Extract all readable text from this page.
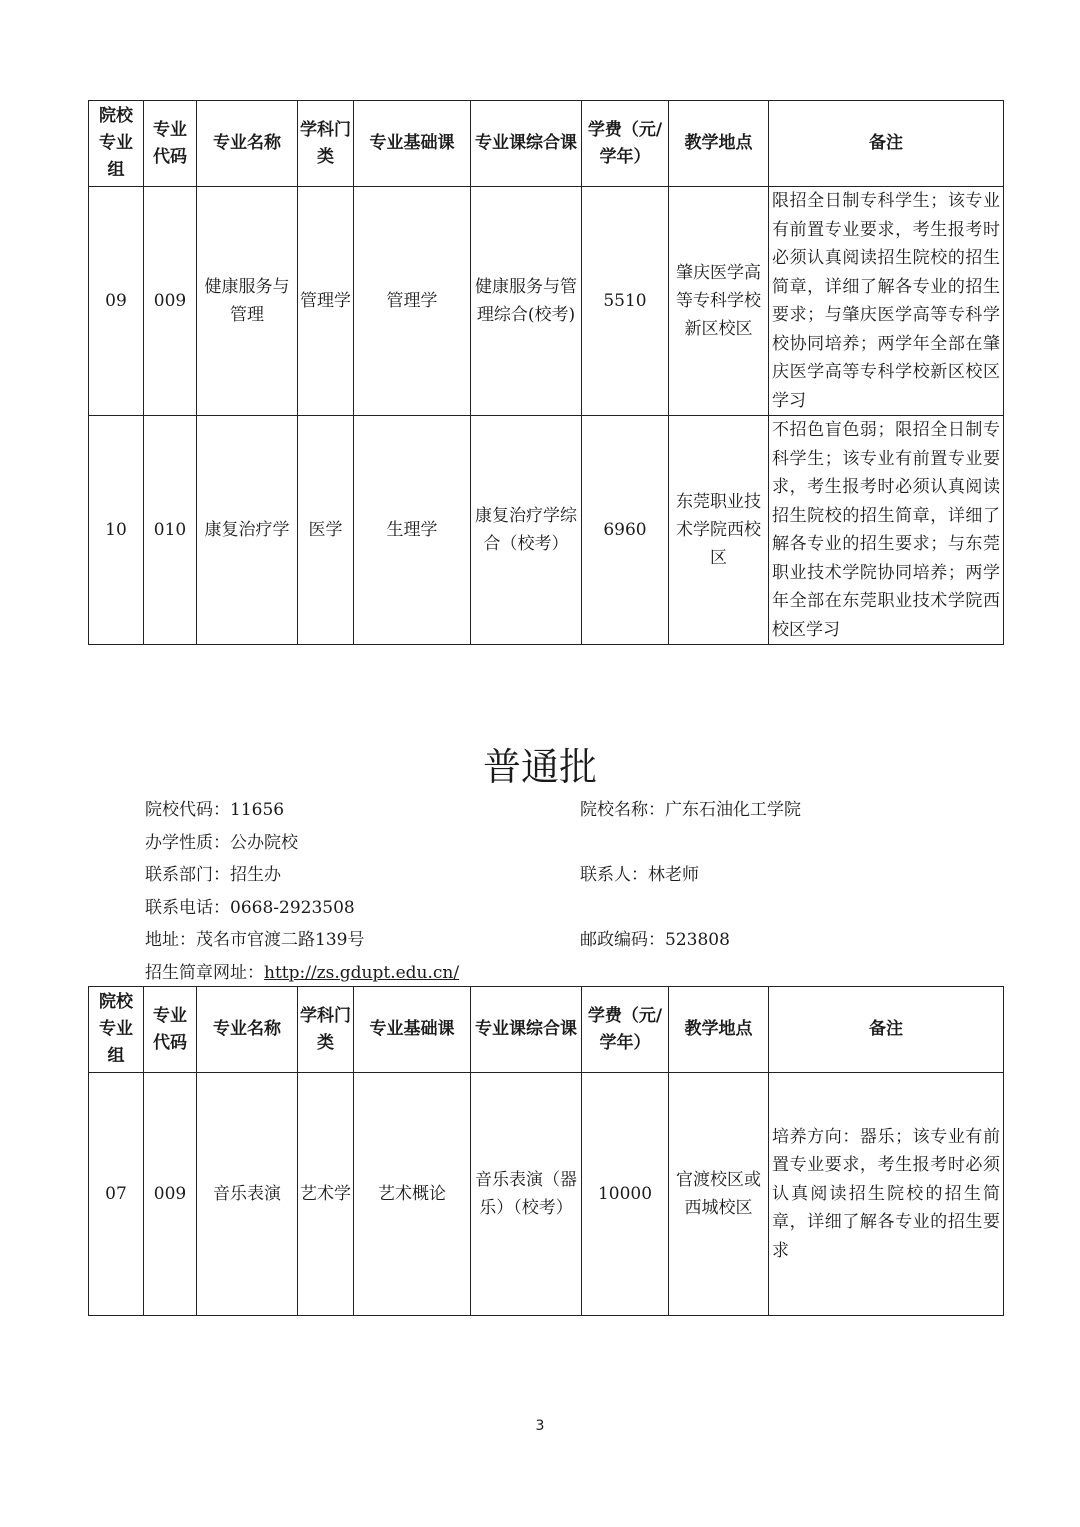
院校专业组	专业代码	专业名称	学科门类	专业基础课	专业课综合课	学费（元/学年）	教学地点	备注
09	009	健康服务与管理	管理学	管理学	健康服务与管理综合(校考)	5510	肇庆医学高等专科学校新区校区	限招全日制专科学生；该专业有前置专业要求，考生报考时必须认真阅读招生院校的招生简章，详细了解各专业的招生要求；与肇庆医学高等专科学校协同培养；两学年全部在肇庆医学高等专科学校新区校区学习
10	010	康复治疗学	医学	生理学	康复治疗学综合（校考）	6960	东莞职业技术学院西校区	不招色盲色弱；限招全日制专科学生；该专业有前置专业要求，考生报考时必须认真阅读招生院校的招生简章，详细了解各专业的招生要求；与东莞职业技术学院协同培养；两学年全部在东莞职业技术学院西校区学习
普通批
院校代码：11656	院校名称：广东石油化工学院
办学性质：公办院校
联系部门：招生办	联系人：林老师
联系电话：0668-2923508
地址：茂名市官渡二路139号	邮政编码：523808
招生简章网址：http://zs.gdupt.edu.cn/
院校专业组	专业代码	专业名称	学科门类	专业基础课	专业课综合课	学费（元/学年）	教学地点	备注
07	009	音乐表演	艺术学	艺术概论	音乐表演（器乐）（校考）	10000	官渡校区或西城校区	培养方向：器乐；该专业有前置专业要求，考生报考时必须认真阅读招生院校的招生简章，详细了解各专业的招生要求
3
